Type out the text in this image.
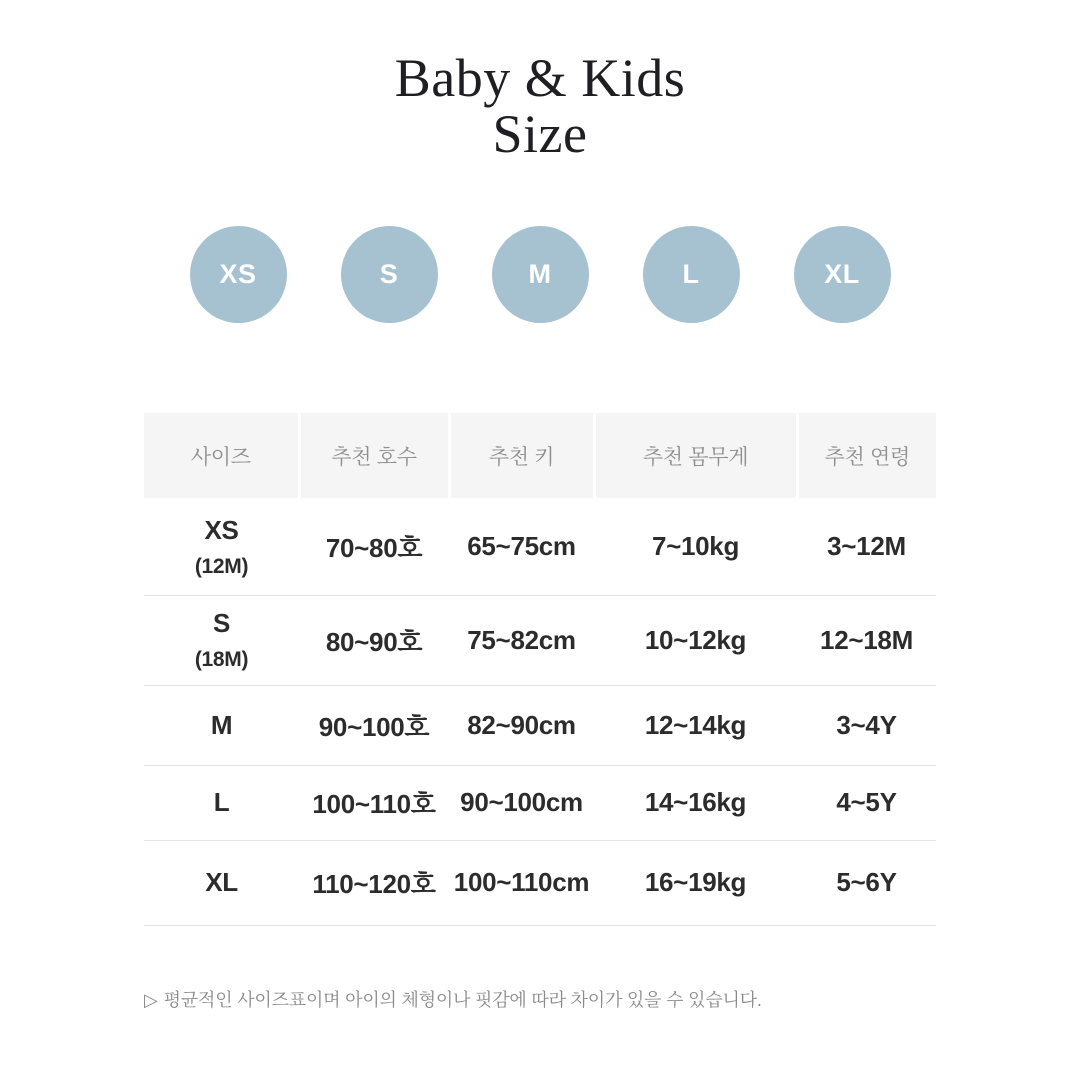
Baby & Kids
Size
XS	S	M	L	XL
사이즈	추천 호수	추천 키	추천 몸무게	추천 연령

XS
(12M)	70~80호	65~75cm	7~10kg	3~12M

S
(18M)	80~90호	75~82cm	10~12kg	12~18M

M	90~100호	82~90cm	12~14kg	3~4Y

L	100~110호	90~100cm	14~16kg	4~5Y

XL	110~120호	100~110cm	16~19kg	5~6Y

▷ 평균적인 사이즈표이며 아이의 체형이나 핏감에 따라 차이가 있을 수 있습니다.
